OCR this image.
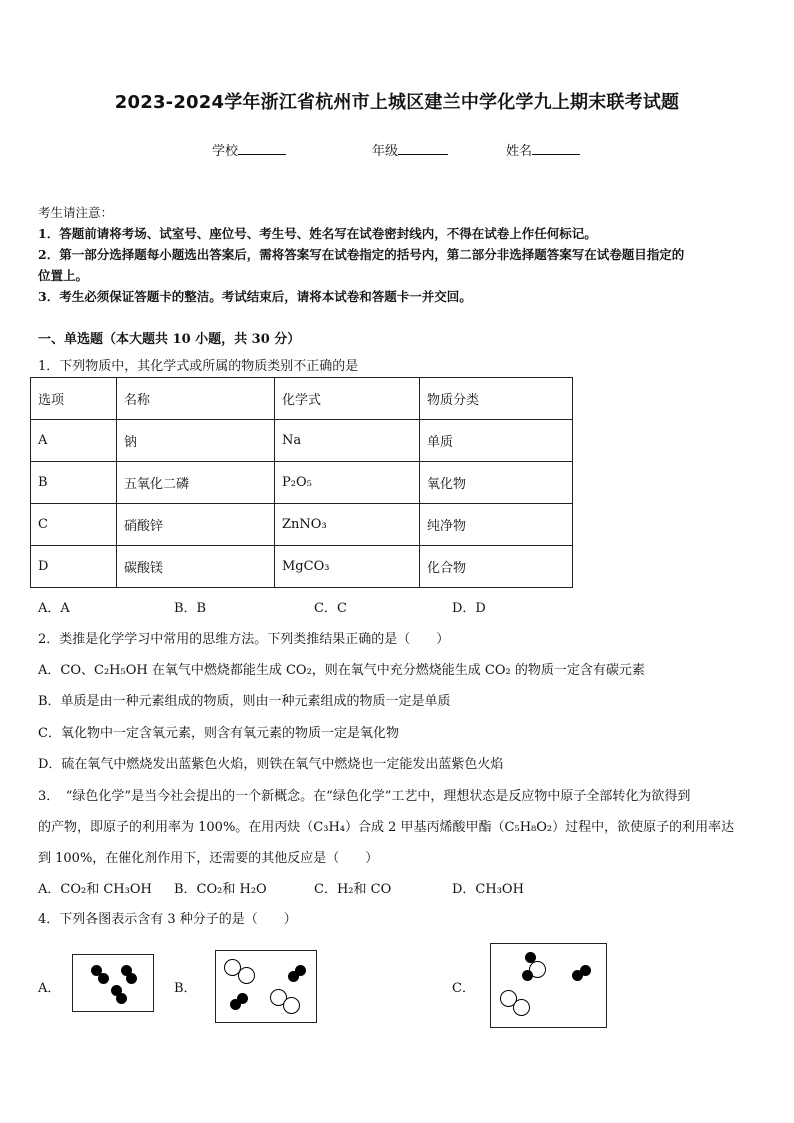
2023-2024学年浙江省杭州市上城区建兰中学化学九上期末联考试题
学校	年级	姓名
考生请注意：
1．答题前请将考场、试室号、座位号、考生号、姓名写在试卷密封线内，不得在试卷上作任何标记。
2．第一部分选择题每小题选出答案后，需将答案写在试卷指定的括号内，第二部分非选择题答案写在试卷题目指定的
位置上。
3．考生必须保证答题卡的整洁。考试结束后，请将本试卷和答题卡一并交回。
一、单选题（本大题共 10 小题，共 30 分）
1．下列物质中，其化学式或所属的物质类别不正确的是
选项	名称	化学式	物质分类
A	钠	Na	单质
B	五氧化二磷	P₂O₅	氧化物
C	硝酸锌	ZnNO₃	纯净物
D	碳酸镁	MgCO₃	化合物
A．A	B．B	C．C	D．D
2．类推是化学学习中常用的思维方法。下列类推结果正确的是（　　）
A．CO、C₂H₅OH 在氧气中燃烧都能生成 CO₂，则在氧气中充分燃烧能生成 CO₂ 的物质一定含有碳元素
B．单质是由一种元素组成的物质，则由一种元素组成的物质一定是单质
C．氧化物中一定含氧元素，则含有氧元素的物质一定是氧化物
D．硫在氧气中燃烧发出蓝紫色火焰，则铁在氧气中燃烧也一定能发出蓝紫色火焰
3．　“绿色化学”是当今社会提出的一个新概念。在“绿色化学”工艺中，理想状态是反应物中原子全部转化为欲得到
的产物，即原子的利用率为 100%。在用丙炔（C₃H₄）合成 2 甲基丙烯酸甲酯（C₅H₈O₂）过程中，欲使原子的利用率达
到 100%，在催化剂作用下，还需要的其他反应是（　　）
A．CO₂和 CH₃OH B．CO₂和 H₂O	C．H₂和 CO	D．CH₃OH
4．下列各图表示含有 3 种分子的是（　　）
A．	B．	C．
